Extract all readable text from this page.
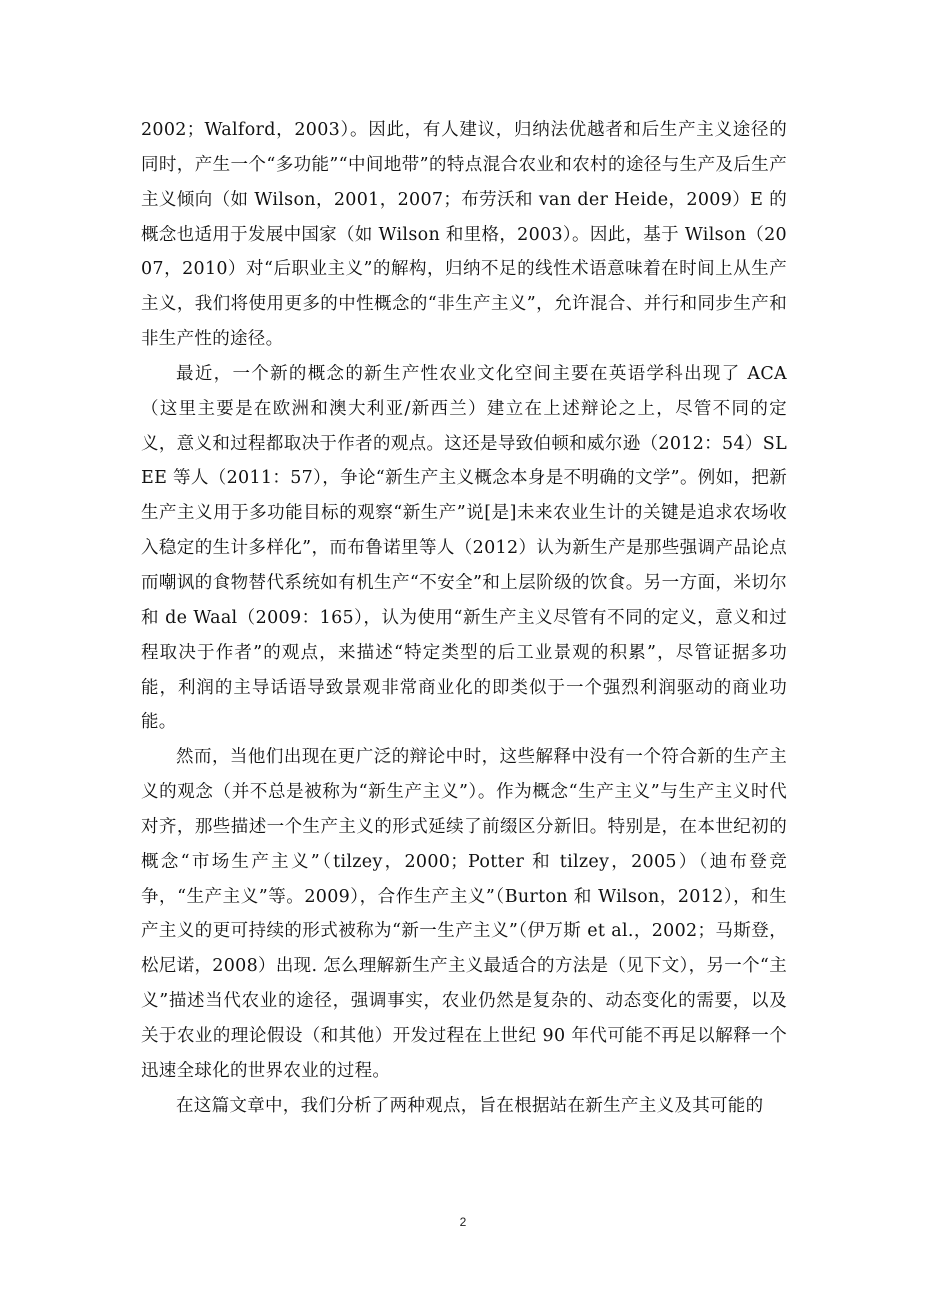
2002；Walford，2003）。因此，有人建议，归纳法优越者和后生产主义途径的同时，产生一个“多功能”“中间地带”的特点混合农业和农村的途径与生产及后生产主义倾向（如 Wilson，2001，2007；布劳沃和 van der Heide，2009）E 的概念也适用于发展中国家（如 Wilson 和里格，2003）。因此，基于 Wilson（2007，2010）对“后职业主义”的解构，归纳不足的线性术语意味着在时间上从生产主义，我们将使用更多的中性概念的“非生产主义”，允许混合、并行和同步生产和非生产性的途径。

最近，一个新的概念的新生产性农业文化空间主要在英语学科出现了 ACA（这里主要是在欧洲和澳大利亚/新西兰）建立在上述辩论之上，尽管不同的定义，意义和过程都取决于作者的观点。这还是导致伯顿和威尔逊（2012：54）SLEE 等人（2011：57），争论“新生产主义概念本身是不明确的文学”。例如，把新生产主义用于多功能目标的观察“新生产”说[是]未来农业生计的关键是追求农场收入稳定的生计多样化”，而布鲁诺里等人（2012）认为新生产是那些强调产品论点而嘲讽的食物替代系统如有机生产“不安全”和上层阶级的饮食。另一方面，米切尔和 de Waal（2009：165），认为使用“新生产主义尽管有不同的定义，意义和过程取决于作者”的观点，来描述“特定类型的后工业景观的积累”，尽管证据多功能，利润的主导话语导致景观非常商业化的即类似于一个强烈利润驱动的商业功能。

然而，当他们出现在更广泛的辩论中时，这些解释中没有一个符合新的生产主义的观念（并不总是被称为“新生产主义”）。作为概念“生产主义”与生产主义时代对齐，那些描述一个生产主义的形式延续了前缀区分新旧。特别是，在本世纪初的概念“市场生产主义”（tilzey，2000；Potter 和 tilzey，2005）（迪布登竞争，“生产主义”等。2009），合作生产主义”（Burton 和 Wilson，2012），和生产主义的更可持续的形式被称为“新一生产主义”（伊万斯 et al.，2002；马斯登，松尼诺，2008）出现. 怎么理解新生产主义最适合的方法是（见下文），另一个“主义”描述当代农业的途径，强调事实，农业仍然是复杂的、动态变化的需要，以及关于农业的理论假设（和其他）开发过程在上世纪 90 年代可能不再足以解释一个迅速全球化的世界农业的过程。

在这篇文章中，我们分析了两种观点，旨在根据站在新生产主义及其可能的

2
